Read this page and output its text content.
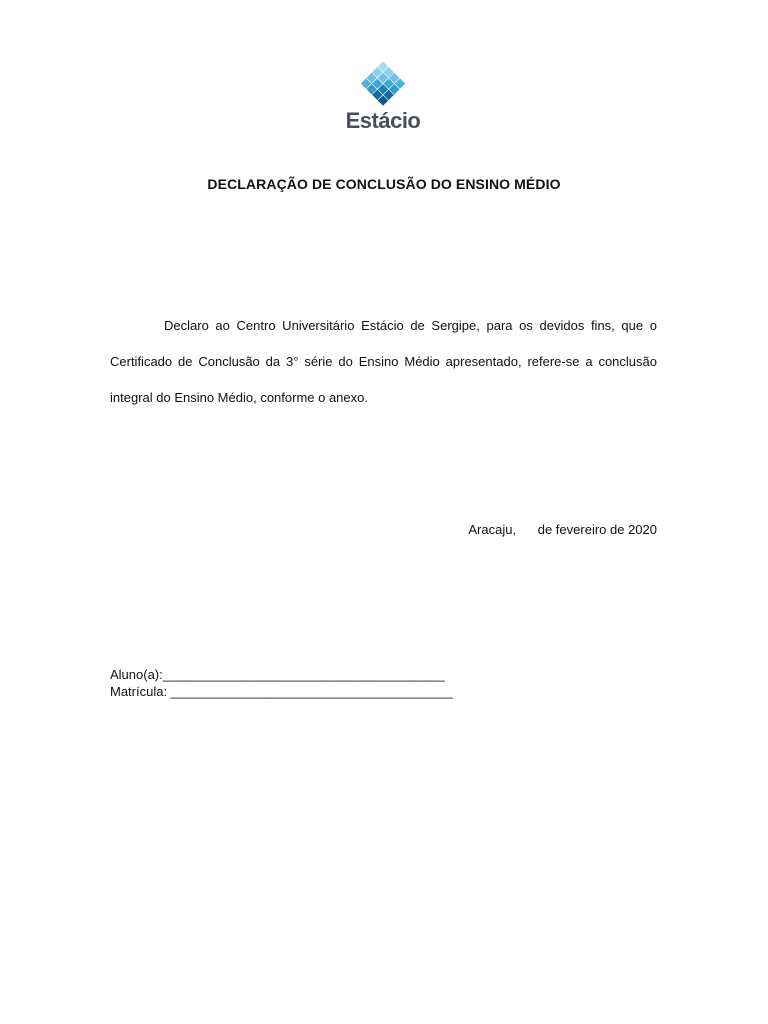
Estácio
DECLARAÇÃO DE CONCLUSÃO DO ENSINO MÉDIO
Declaro ao Centro Universitário Estácio de Sergipe, para os devidos fins, que o Certificado de Conclusão da 3° série do Ensino Médio apresentado, refere-se a conclusão integral do Ensino Médio, conforme o anexo.
Aracaju,      de fevereiro de 2020
Aluno(a):_______________________________________
Matrícula: _______________________________________
